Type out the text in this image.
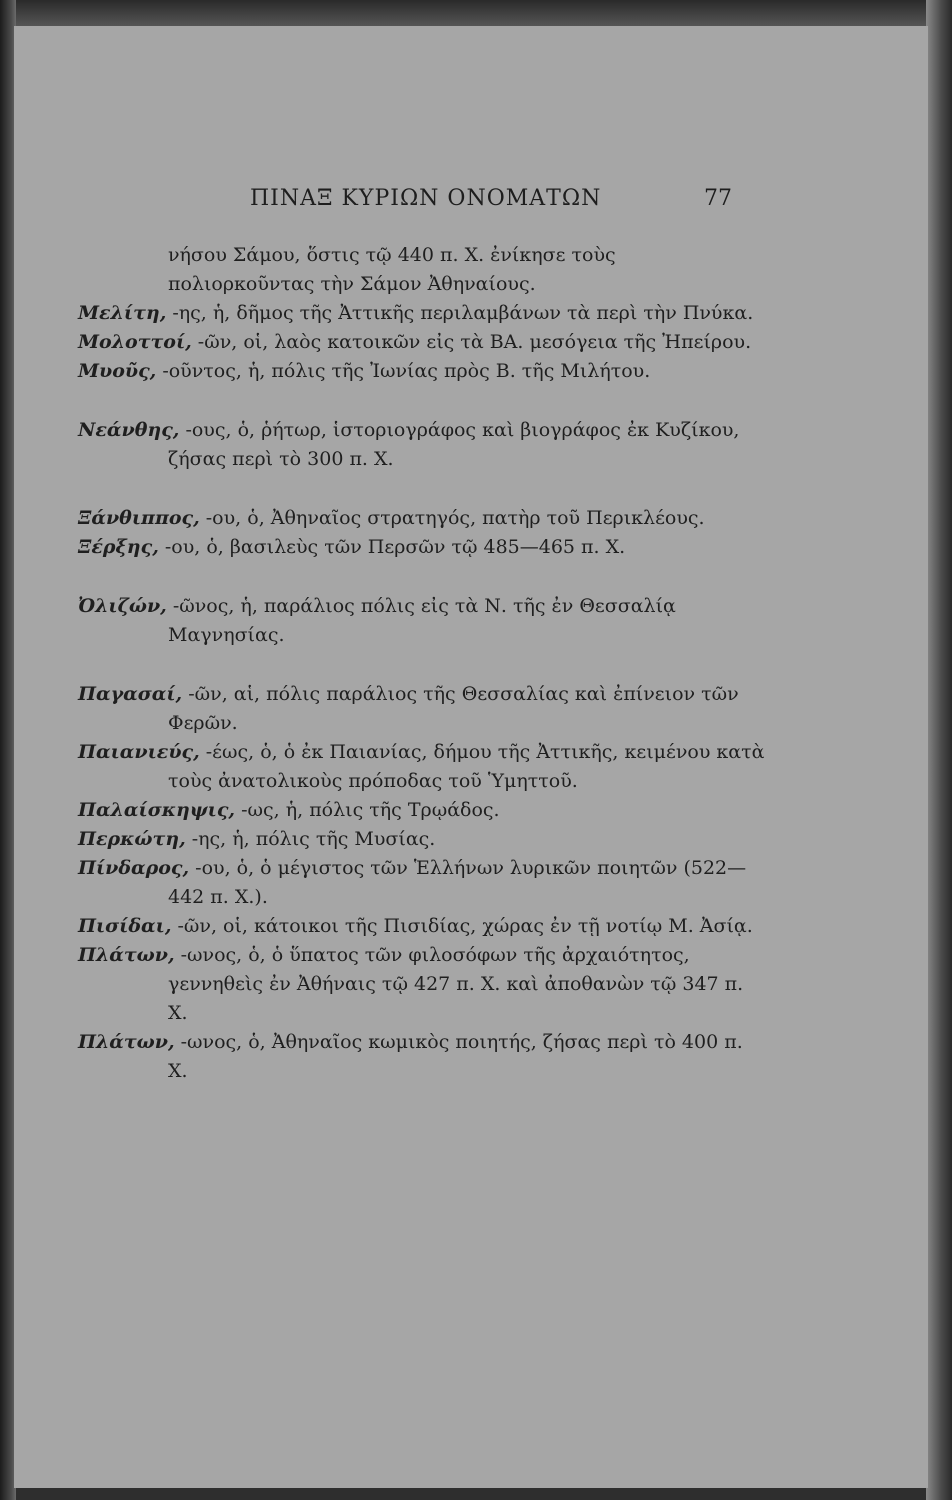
ΠΙΝΑΞ ΚΥΡΙΩΝ ΟΝΟΜΑΤΩΝ	77

νήσου Σάμου, ὅστις τῷ 440 π. Χ. ἐνίκησε τοὺς πολιορκοῦντας τὴν Σάμον Ἀθηναίους.

Μελίτη, -ης, ἡ, δῆμος τῆς Ἀττικῆς περιλαμβάνων τὰ περὶ τὴν Πνύκα.

Μολοττοί, -ῶν, οἱ, λαὸς κατοικῶν εἰς τὰ ΒΑ. μεσόγεια τῆς Ἠπείρου.

Μυοῦς, -οῦντος, ἡ, πόλις τῆς Ἰωνίας πρὸς Β. τῆς Μιλήτου.

Νεάνθης, -ους, ὁ, ῥήτωρ, ἱστοριογράφος καὶ βιογράφος ἐκ Κυζίκου, ζήσας περὶ τὸ 300 π. Χ.

Ξάνθιππος, -ου, ὁ, Ἀθηναῖος στρατηγός, πατὴρ τοῦ Περικλέους.

Ξέρξης, -ου, ὁ, βασιλεὺς τῶν Περσῶν τῷ 485—465 π. Χ.

Ὀλιζών, -ῶνος, ἡ, παράλιος πόλις εἰς τὰ Ν. τῆς ἐν Θεσσαλίᾳ Μαγνησίας.

Παγασαί, -ῶν, αἱ, πόλις παράλιος τῆς Θεσσαλίας καὶ ἐπίνειον τῶν Φερῶν.

Παιανιεύς, -έως, ὁ, ὁ ἐκ Παιανίας, δήμου τῆς Ἀττικῆς, κειμένου κατὰ τοὺς ἀνατολικοὺς πρόποδας τοῦ Ὑμηττοῦ.

Παλαίσκηψις, -ως, ἡ, πόλις τῆς Τρῳάδος.

Περκώτη, -ης, ἡ, πόλις τῆς Μυσίας.

Πίνδαρος, -ου, ὁ, ὁ μέγιστος τῶν Ἑλλήνων λυρικῶν ποιητῶν (522—442 π. Χ.).

Πισίδαι, -ῶν, οἱ, κάτοικοι τῆς Πισιδίας, χώρας ἐν τῇ νοτίῳ Μ. Ἀσίᾳ.

Πλάτων, -ωνος, ὁ, ὁ ὕπατος τῶν φιλοσόφων τῆς ἀρχαιότητος, γεννηθεὶς ἐν Ἀθήναις τῷ 427 π. Χ. καὶ ἀποθανὼν τῷ 347 π. Χ.

Πλάτων, -ωνος, ὁ, Ἀθηναῖος κωμικὸς ποιητής, ζήσας περὶ τὸ 400 π. Χ.
